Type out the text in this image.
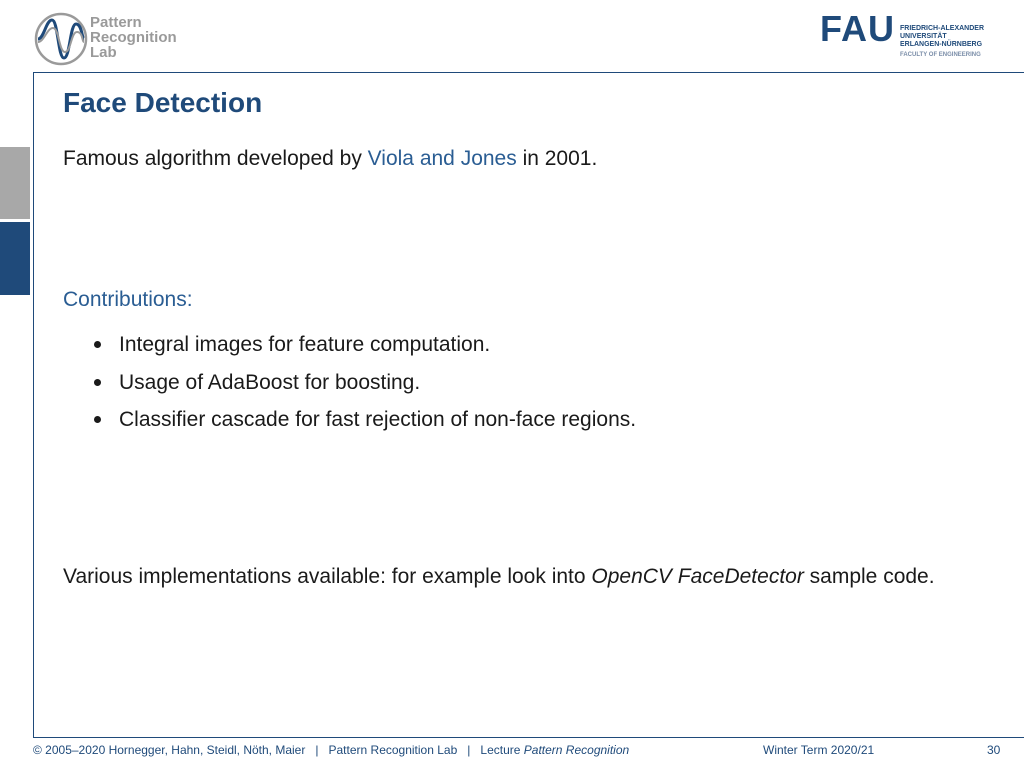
Pattern
Recognition
Lab
FAU FRIEDRICH-ALEXANDER
UNIVERSITÄT
ERLANGEN-NÜRNBERG
FACULTY OF ENGINEERING
Face Detection
Famous algorithm developed by Viola and Jones in 2001.
Contributions:
Integral images for feature computation.
Usage of AdaBoost for boosting.
Classifier cascade for fast rejection of non-face regions.
Various implementations available: for example look into OpenCV FaceDetector sample code.
© 2005–2020 Hornegger, Hahn, Steidl, Nöth, Maier | Pattern Recognition Lab | Lecture Pattern Recognition	Winter Term 2020/21	30
